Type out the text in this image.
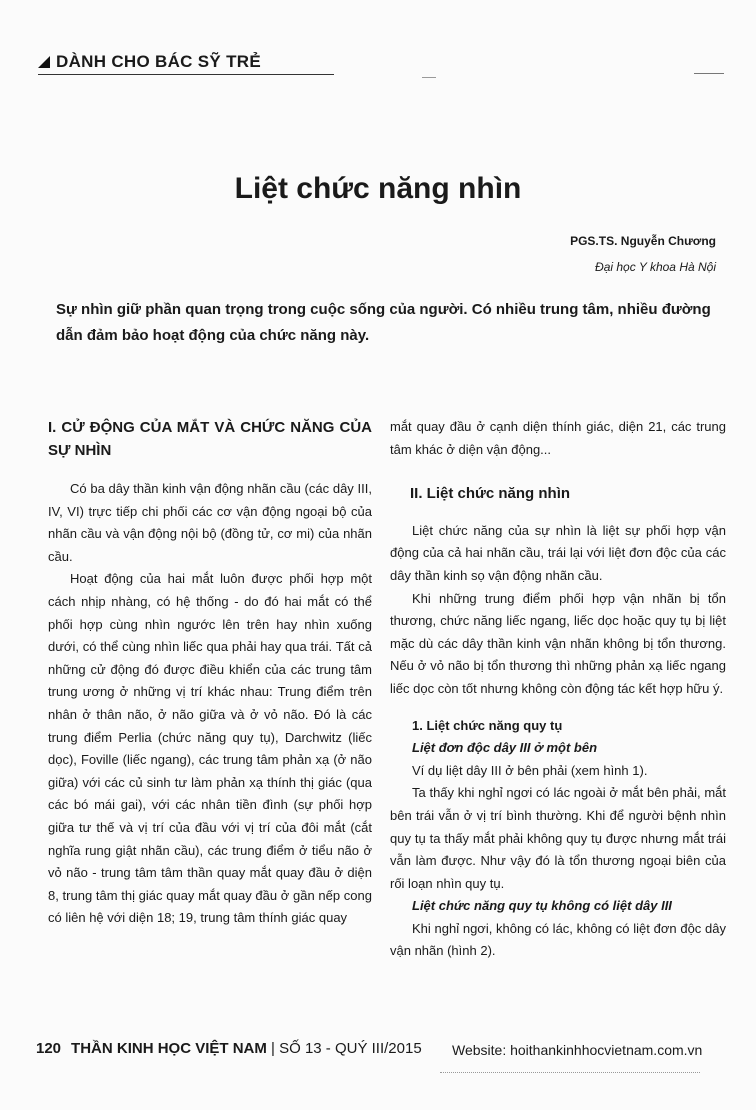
DÀNH CHO BÁC SỸ TRẺ
Liệt chức năng nhìn
PGS.TS. Nguyễn Chương
Đại học Y khoa Hà Nội
Sự nhìn giữ phần quan trọng trong cuộc sống của người. Có nhiều trung tâm, nhiều đường dẫn đảm bảo hoạt động của chức năng này.
I. CỬ ĐỘNG CỦA MẮT VÀ CHỨC NĂNG CỦA SỰ NHÌN

Có ba dây thần kinh vận động nhãn cầu (các dây III, IV, VI) trực tiếp chi phối các cơ vận động ngoại bộ của nhãn cầu và vận động nội bộ (đồng tử, cơ mi) của nhãn cầu.

Hoạt động của hai mắt luôn được phối hợp một cách nhịp nhàng, có hệ thống - do đó hai mắt có thể phối hợp cùng nhìn ngước lên trên hay nhìn xuống dưới, có thể cùng nhìn liếc qua phải hay qua trái. Tất cả những cử động đó được điều khiển của các trung tâm trung ương ở những vị trí khác nhau: Trung điểm trên nhân ở thân não, ở não giữa và ở vỏ não. Đó là các trung điểm Perlia (chức năng quy tụ), Darchwitz (liếc dọc), Foville (liếc ngang), các trung tâm phản xạ (ở não giữa) với các củ sinh tư làm phản xạ thính thị giác (qua các bó mái gai), với các nhân tiền đình (sự phối hợp giữa tư thế và vị trí của đầu với vị trí của đôi mắt (cắt nghĩa rung giật nhãn cầu), các trung điểm ở tiểu não ở vỏ não - trung tâm tâm thần quay mắt quay đầu ở diện 8, trung tâm thị giác quay mắt quay đầu ở gần nếp cong có liên hệ với diện 18; 19, trung tâm thính giác quay

mắt quay đầu ở cạnh diện thính giác, diện 21, các trung tâm khác ở diện vận động...

II. Liệt chức năng nhìn

Liệt chức năng của sự nhìn là liệt sự phối hợp vận động của cả hai nhãn cầu, trái lại với liệt đơn độc của các dây thần kinh sọ vận động nhãn cầu.

Khi những trung điểm phối hợp vận nhãn bị tổn thương, chức năng liếc ngang, liếc dọc hoặc quy tụ bị liệt mặc dù các dây thần kinh vận nhãn không bị tổn thương. Nếu ở vỏ não bị tổn thương thì những phản xạ liếc ngang liếc dọc còn tốt nhưng không còn động tác kết hợp hữu ý.

1. Liệt chức năng quy tụ
Liệt đơn độc dây III ở một bên

Ví dụ liệt dây III ở bên phải (xem hình 1).

Ta thấy khi nghỉ ngơi có lác ngoài ở mắt bên phải, mắt bên trái vẫn ở vị trí bình thường. Khi để người bệnh nhìn quy tụ ta thấy mắt phải không quy tụ được nhưng mắt trái vẫn làm được. Như vậy đó là tổn thương ngoại biên của rối loạn nhìn quy tụ.

Liệt chức năng quy tụ không có liệt dây III

Khi nghỉ ngơi, không có lác, không có liệt đơn độc dây vận nhãn (hình 2).

120 THẦN KINH HỌC VIỆT NAM | SỐ 13 - QUÝ III/2015 Website: hoithankinhhocvietnam.com.vn
